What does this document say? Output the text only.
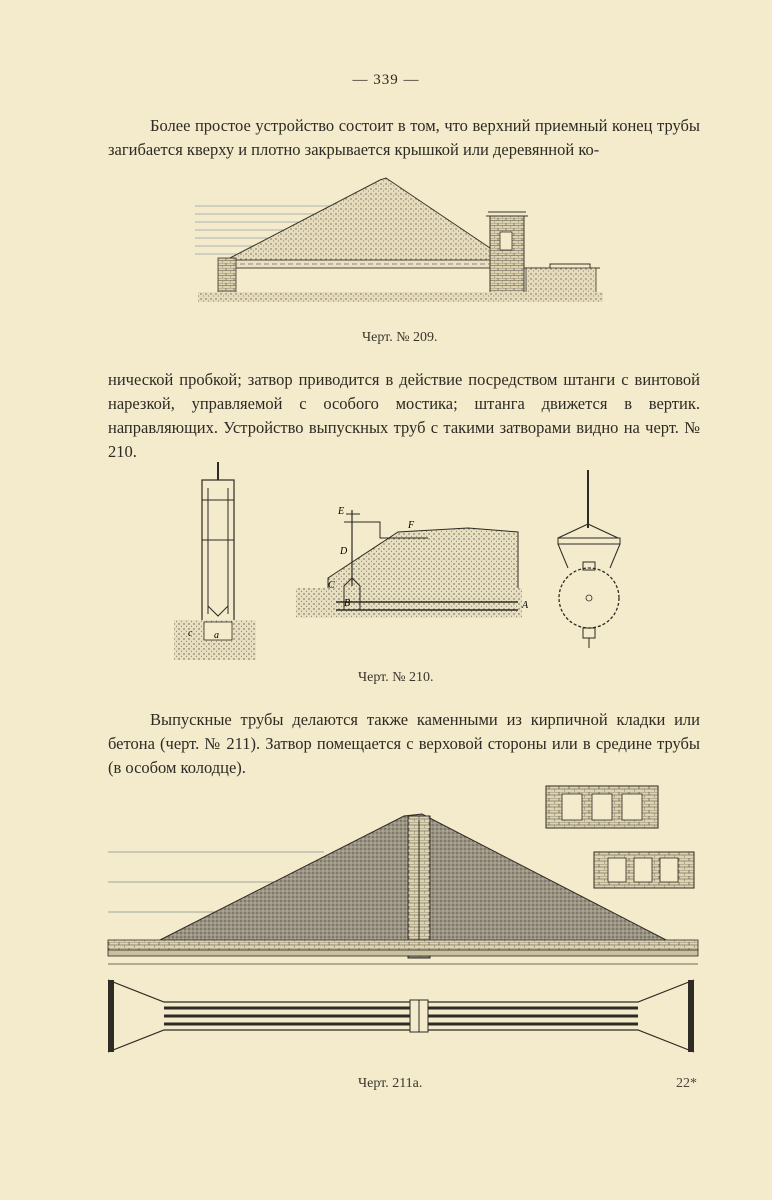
— 339 —
Более простое устройство состоит в том, что верхний приемный конец трубы загибается кверху и плотно закрывается крышкой или деревянной ко-
Черт. № 209.
нической пробкой; затвор приводится в действие посредством штанги с винтовой нарезкой, управляемой с особого мостика; штанга движется в вертик. направляющих. Устройство выпускных труб с такими затворами видно на черт. № 210.
c a
E
F
D
C
B	A
Черт. № 210.
Выпускные трубы делаются также каменными из кирпичной кладки или бетона (черт. № 211). Затвор помещается с верховой стороны или в средине трубы (в особом колодце).
Черт. 211a.	22*
